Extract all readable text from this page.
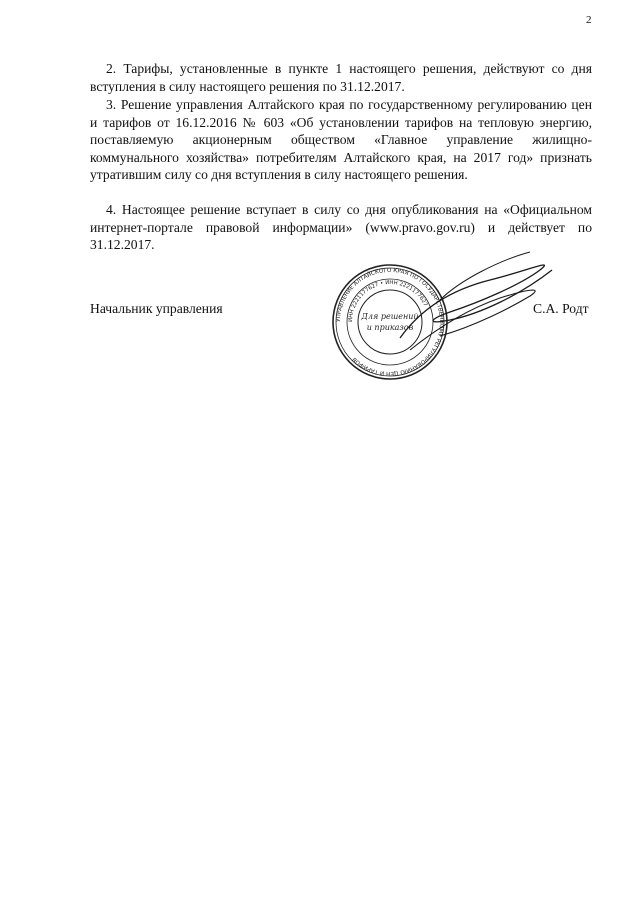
2

2. Тарифы, установленные в пункте 1 настоящего решения, действуют со дня вступления в силу настоящего решения по 31.12.2017.

3. Решение управления Алтайского края по государственному регулированию цен и тарифов от 16.12.2016 № 603 «Об установлении тарифов на тепловую энергию, поставляемую акционерным обществом «Главное управление жилищно-коммунального хозяйства» потребителям Алтайского края, на 2017 год» признать утратившим силу со дня вступления в силу настоящего решения.

4. Настоящее решение вступает в силу со дня опубликования на «Официальном интернет-портале правовой информации» (www.pravo.gov.ru) и действует по 31.12.2017.

Начальник управления	С.А. Родт
УПРАВЛЕНИЕ АЛТАЙСКОГО КРАЯ ПО ГОСУДАРСТВЕННОМУ РЕГУЛИРОВАНИЮ ЦЕН И ТАРИФОВ
ИНН 2221177627 • ИНН 2221177627
Для решений
и приказов
